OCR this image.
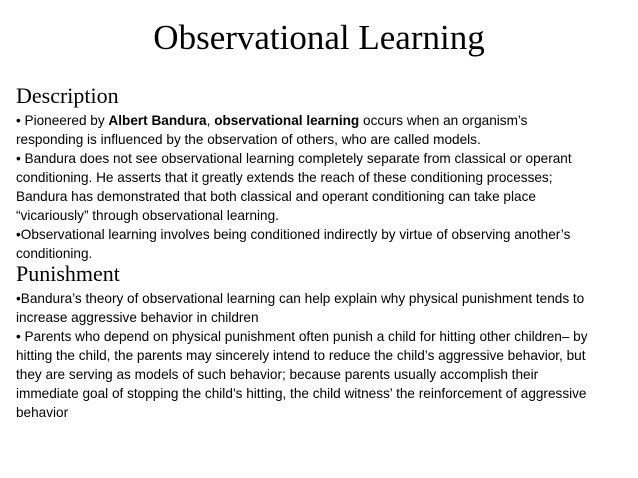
Observational Learning
Description

• Pioneered by Albert Bandura, observational learning occurs when an organism’s
responding is influenced by the observation of others, who are called models.

• Bandura does not see observational learning completely separate from classical or operant
conditioning. He asserts that it greatly extends the reach of these conditioning processes;
Bandura has demonstrated that both classical and operant conditioning can take place
“vicariously” through observational learning.

•Observational learning involves being conditioned indirectly by virtue of observing another’s
conditioning.

Punishment

•Bandura’s theory of observational learning can help explain why physical punishment tends to
increase aggressive behavior in children

• Parents who depend on physical punishment often punish a child for hitting other children– by
hitting the child, the parents may sincerely intend to reduce the child’s aggressive behavior, but
they are serving as models of such behavior; because parents usually accomplish their
immediate goal of stopping the child’s hitting, the child witness’ the reinforcement of aggressive
behavior
